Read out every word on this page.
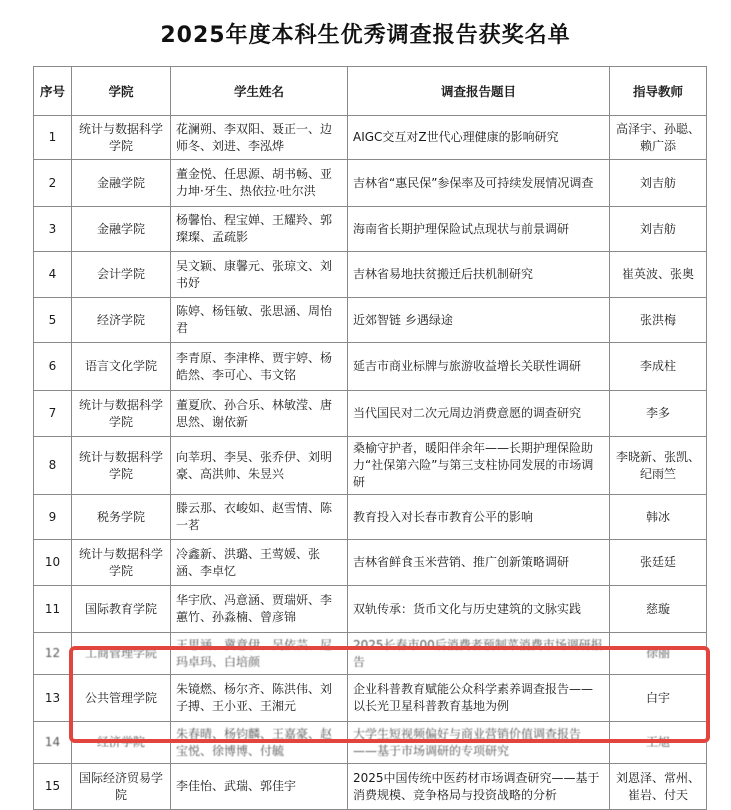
2025年度本科生优秀调查报告获奖名单
序号	学院	学生姓名	调查报告题目	指导教师
1	统计与数据科学学院	花澜朔、李双阳、聂正一、边师冬、刘进、李泓烨	AIGC交互对Z世代心理健康的影响研究	高泽宇、孙聪、赖广添
2	金融学院	董金悦、任思源、胡书畅、亚力坤·牙生、热依拉·吐尔洪	吉林省“惠民保”参保率及可持续发展情况调查	刘吉舫
3	金融学院	杨馨怡、程宝婵、王耀羚、郭璨璨、孟疏影	海南省长期护理保险试点现状与前景调研	刘吉舫
4	会计学院	吴文颖、康馨元、张琼文、刘书妤	吉林省易地扶贫搬迁后扶机制研究	崔英波、张奥
5	经济学院	陈婷、杨钰敏、张思涵、周怡君	近郊智链 乡遇绿途	张洪梅
6	语言文化学院	李青原、李津桦、贾宇婷、杨皓然、李可心、韦文铭	延吉市商业标牌与旅游收益增长关联性调研	李成柱
7	统计与数据科学学院	董夏欣、孙合乐、林敏滢、唐思然、谢依新	当代国民对二次元周边消费意愿的调查研究	李多
8	统计与数据科学学院	向莘玥、李昊、张乔伊、刘明豪、高洪帅、朱昱兴	桑榆守护者，暖阳伴余年——长期护理保险助力“社保第六险”与第三支柱协同发展的市场调研	李晓新、张凯、纪雨竺
9	税务学院	滕云那、衣峻如、赵雪情、陈一茗	教育投入对长春市教育公平的影响	韩冰
10	统计与数据科学学院	冷鑫新、洪璐、王莺媛、张涵、李卓忆	吉林省鲜食玉米营销、推广创新策略调研	张廷廷
11	国际教育学院	华宇欣、冯意涵、贾瑞妍、李蕙竹、孙淼楠、曾彦锦	双轨传承：货币文化与历史建筑的文脉实践	慈璇
12	工商管理学院	王思涵、冀意伊、吴依芸、尼玛卓玛、白培颜	2025长春市00后消费者预制菜消费市场调研报告	徐丽
13	公共管理学院	朱镜燃、杨尔齐、陈洪伟、刘子搏、王小亚、王湘元	企业科普教育赋能公众科学素养调查报告——以长光卫星科普教育基地为例	白宇
14	经济学院	朱春晴、杨钧麟、王嘉豪、赵宝悦、徐博博、付毓	大学生短视频偏好与商业营销价值调查报告——基于市场调研的专项研究	王旭
15	国际经济贸易学院	李佳怡、武瑞、郭佳宇	2025中国传统中医药材市场调查研究——基于消费规模、竞争格局与投资战略的分析	刘恩泽、常州、崔岩、付天
